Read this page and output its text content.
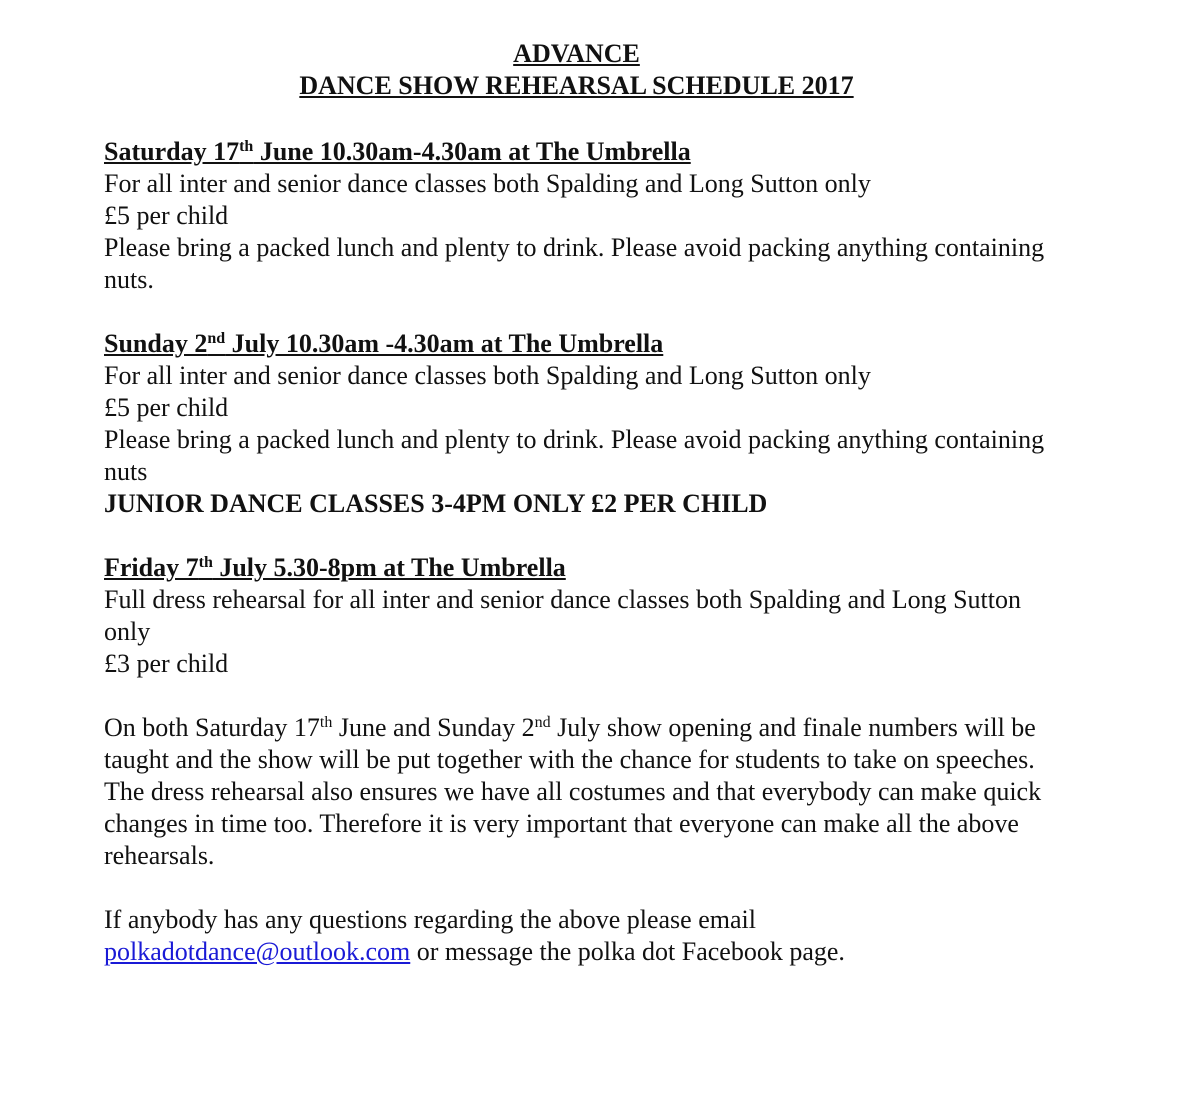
ADVANCE
DANCE SHOW REHEARSAL SCHEDULE 2017
Saturday 17th June 10.30am-4.30am at The Umbrella
For all inter and senior dance classes both Spalding and Long Sutton only
£5 per child
Please bring a packed lunch and plenty to drink. Please avoid packing anything containing nuts.
Sunday 2nd July 10.30am -4.30am at The Umbrella
For all inter and senior dance classes both Spalding and Long Sutton only
£5 per child
Please bring a packed lunch and plenty to drink. Please avoid packing anything containing nuts
JUNIOR DANCE CLASSES 3-4PM ONLY £2 PER CHILD
Friday 7th July 5.30-8pm at The Umbrella
Full dress rehearsal for all inter and senior dance classes both Spalding and Long Sutton only
£3 per child

On both Saturday 17th June and Sunday 2nd July show opening and finale numbers will be taught and the show will be put together with the chance for students to take on speeches. The dress rehearsal also ensures we have all costumes and that everybody can make quick changes in time too. Therefore it is very important that everyone can make all the above rehearsals.

If anybody has any questions regarding the above please email
polkadotdance@outlook.com or message the polka dot Facebook page.
